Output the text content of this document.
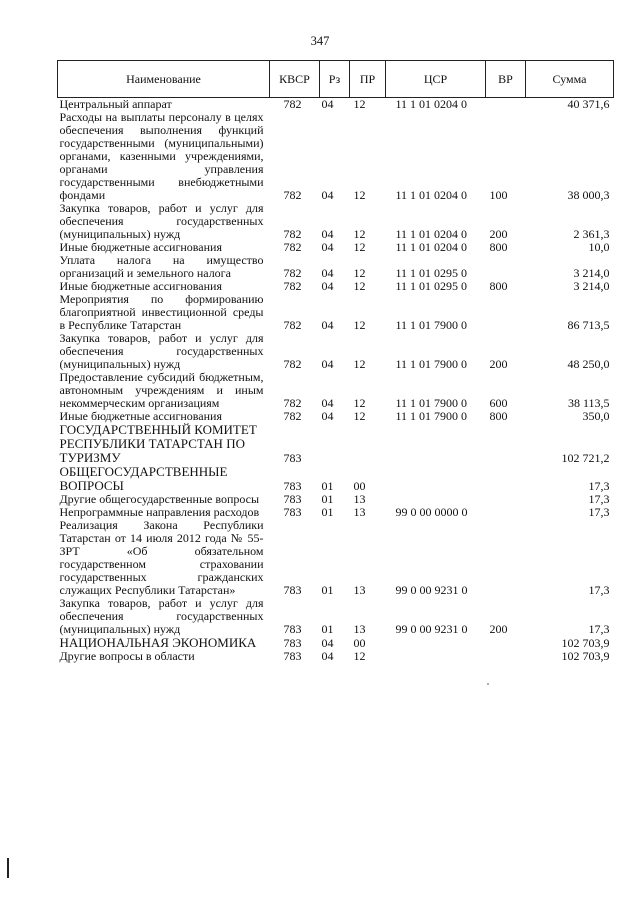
347
Наименование	КВСР	Рз	ПР	ЦСР	ВР	Сумма
Центральный аппарат	782	04	12	11 1 01 0204 0		40 371,6
Расходы на выплаты персоналу в целях обеспечения выполнения функций государственными (муниципальными) органами, казенными учреждениями, органами управления государственными внебюджетными фондами	782	04	12	11 1 01 0204 0	100	38 000,3
Закупка товаров, работ и услуг для обеспечения государственных (муниципальных) нужд	782	04	12	11 1 01 0204 0	200	2 361,3
Иные бюджетные ассигнования	782	04	12	11 1 01 0204 0	800	10,0
Уплата налога на имущество организаций и земельного налога	782	04	12	11 1 01 0295 0		3 214,0
Иные бюджетные ассигнования	782	04	12	11 1 01 0295 0	800	3 214,0
Мероприятия по формированию благоприятной инвестиционной среды в Республике Татарстан	782	04	12	11 1 01 7900 0		86 713,5
Закупка товаров, работ и услуг для обеспечения государственных (муниципальных) нужд	782	04	12	11 1 01 7900 0	200	48 250,0
Предоставление субсидий бюджетным, автономным учреждениям и иным некоммерческим организациям	782	04	12	11 1 01 7900 0	600	38 113,5
Иные бюджетные ассигнования	782	04	12	11 1 01 7900 0	800	350,0
ГОСУДАРСТВЕННЫЙ КОМИТЕТ РЕСПУБЛИКИ ТАТАРСТАН ПО ТУРИЗМУ	783					102 721,2
ОБЩЕГОСУДАРСТВЕННЫЕ ВОПРОСЫ	783	01	00			17,3
Другие общегосударственные вопросы	783	01	13			17,3
Непрограммные направления расходов	783	01	13	99 0 00 0000 0		17,3
Реализация Закона Республики Татарстан от 14 июля 2012 года № 55-ЗРТ «Об обязательном государственном страховании государственных гражданских служащих Республики Татарстан»	783	01	13	99 0 00 9231 0		17,3
Закупка товаров, работ и услуг для обеспечения государственных (муниципальных) нужд	783	01	13	99 0 00 9231 0	200	17,3
НАЦИОНАЛЬНАЯ ЭКОНОМИКА	783	04	00			102 703,9
Другие вопросы в области	783	04	12			102 703,9
